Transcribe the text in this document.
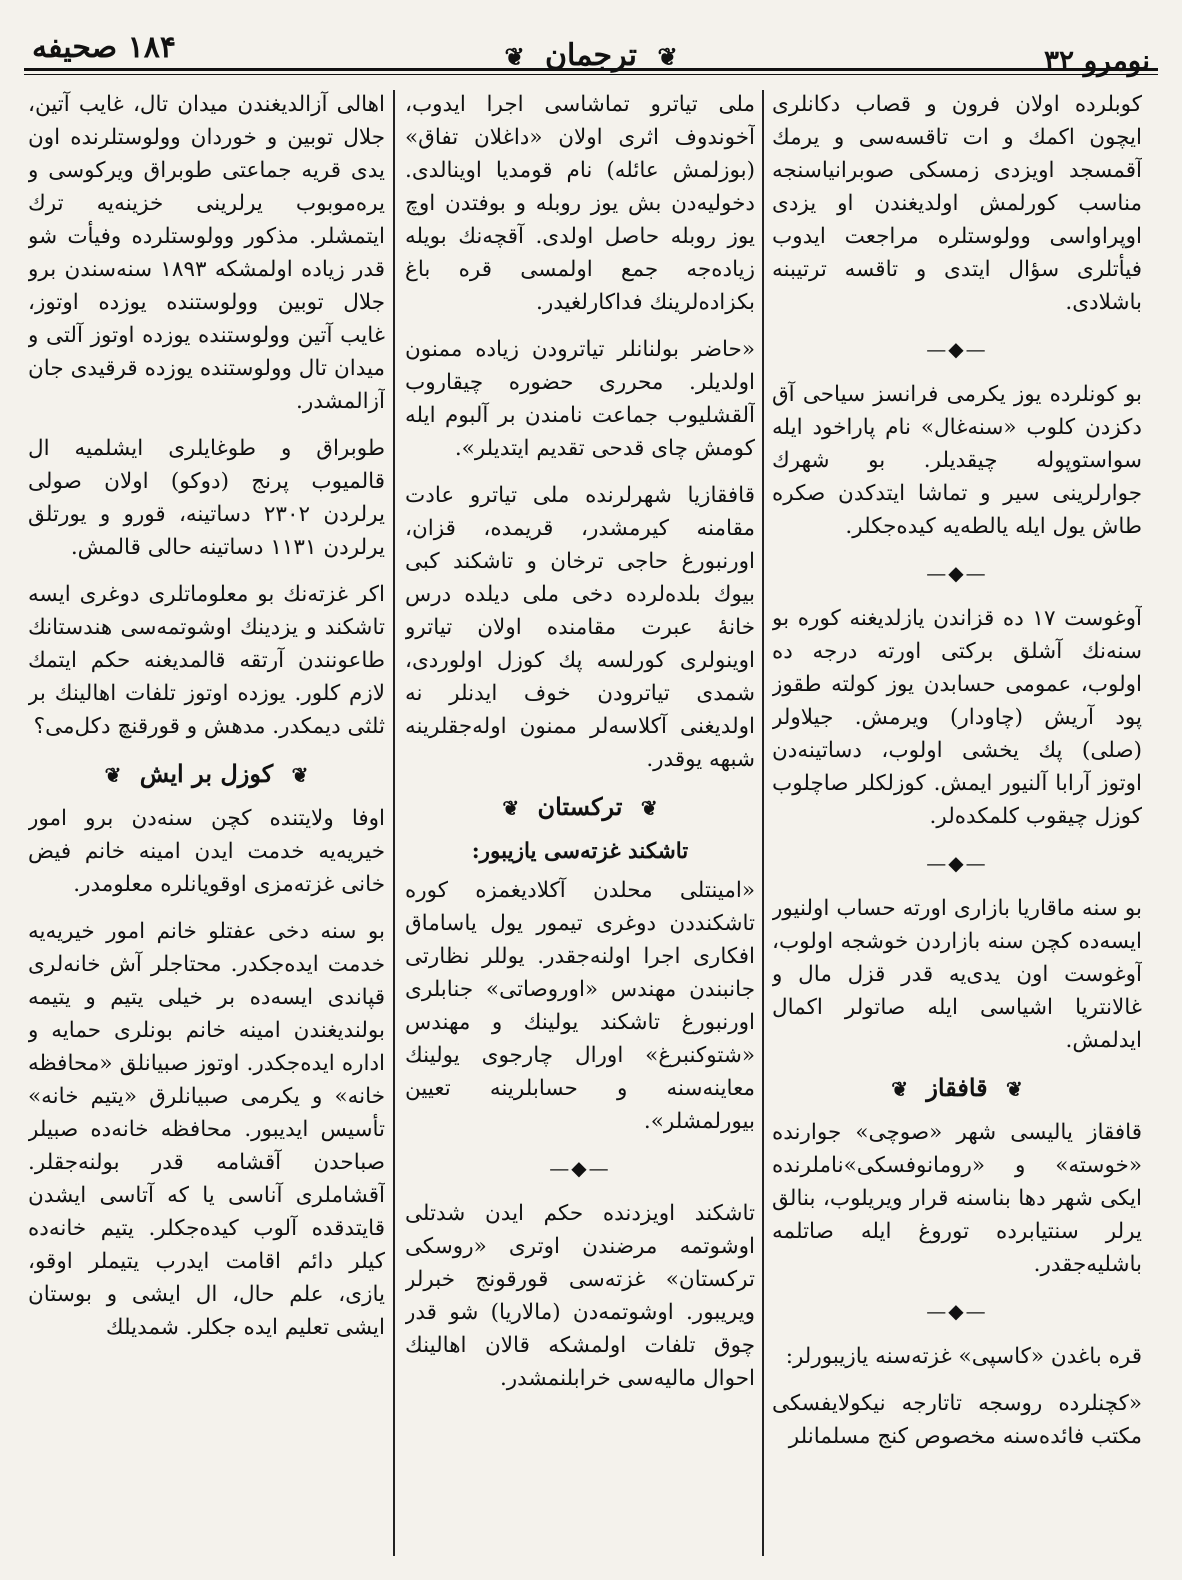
نومرو ۳۲
❦ ترجمان ❦
۱۸۴ صحیفه

کوبلرده اولان فرون و قصاب دکانلری ایچون اکمك و ات تاقسه‌سی و یرمك آقمسجد اویزدی زمسکی صوبرانیاسنجه مناسب کورلمش اولدیغندن او یزدی اوپراواسی وولوستلره مراجعت ایدوب فیأتلری سؤال ایتدی و تاقسه ترتیبنه باشلادی.

—◆—

بو کونلرده یوز یکرمی فرانسز سیاحی آق دکزدن کلوب «سنه‌غال» نام پاراخود ایله سواستوپوله چیقدیلر. بو شهرك جوارلرینی سیر و تماشا ایتدکدن صکره طاش یول ایله یالطه‌یه کیده‌جکلر.

—◆—

آوغوست ۱۷ ده قزاندن یازلدیغنه کوره بو سنه‌نك آشلق برکتی اورته درجه ده اولوب، عمومی حسابدن یوز کولته طقوز پود آریش (چاودار) ویرمش. جیلاولر (صلی) پك یخشی اولوب، دساتینه‌دن اوتوز آرابا آلنیور ایمش. کوزلکلر صاچلوب کوزل چیقوب کلمکده‌لر.

—◆—

بو سنه ماقاریا بازاری اورته حساب اولنیور ایسه‌ده کچن سنه بازاردن خوشجه اولوب، آوغوست اون یدی‌یه قدر قزل مال و غالانتریا اشیاسی ایله صاتولر اکمال ایدلمش.

❦ قافقاز ❦

قافقاز یالیسی شهر «صوچی» جوارنده «خوسته» و «رومانوفسکی»ناملرنده ایکی شهر دها بناسنه قرار ویریلوب، بنالق یرلر سنتیابرده توروغ ایله صاتلمه باشلیه‌جقدر.

—◆—

قره باغدن «کاسپی» غزته‌سنه یازیبورلر:

«کچنلرده روسجه تاتارجه نیکولایفسکی مکتب فائده‌سنه مخصوص کنج مسلمانلر

ملی تیاترو تماشاسی اجرا ایدوب، آخوندوف اثری اولان «داغلان تفاق» (بوزلمش عائله) نام قومدیا اوینالدی. دخولیه‌دن بش یوز روبله و بوفتدن اوچ یوز روبله حاصل اولدی. آقچه‌نك بویله زیاده‌جه جمع اولمسی قره باغ بکزاده‌لرینك فداکارلغیدر.

«حاضر بولنانلر تیاترودن زیاده ممنون اولدیلر. محرری حضوره چیقاروب آلقشلیوب جماعت نامندن بر آلبوم ایله کومش چای قدحی تقدیم ایتدیلر».

قافقازیا شهرلرنده ملی تیاترو عادت مقامنه کیرمشدر، قریمده، قزان، اورنبورغ حاجی ترخان و تاشکند کبی بیوك بلده‌لرده دخی ملی دیلده درس خانهٔ عبرت مقامنده اولان تیاترو اوینولری کورلسه پك کوزل اولوردی، شمدی تیاترودن خوف ایدنلر نه اولدیغنی آکلاسه‌لر ممنون اوله‌جقلرینه شبهه یوقدر.

❦ ترکستان ❦
تاشکند غزته‌سی یازیبور:

«امینتلی محلدن آکلادیغمزه کوره تاشکنددن دوغری تیمور یول یاساماق افکاری اجرا اولنه‌جقدر. یوللر نظارتی جانبندن مهندس «اوروصاتی» جنابلری اورنبورغ تاشکند یولینك و مهندس «شتوکنبرغ» اورال چارجوی یولینك معاینه‌سنه و حسابلرینه تعیین بیورلمشلر».

—◆—

تاشکند اویزدنده حکم ایدن شدتلی اوشوتمه مرضندن اوتری «روسکی ترکستان» غزته‌سی قورقونج خبرلر ویریبور. اوشوتمه‌دن (مالاریا) شو قدر چوق تلفات اولمشکه قالان اهالینك احوال مالیه‌سی خرابلنمشدر.

اهالی آزالدیغندن میدان تال، غایب آتین، جلال توبین و خوردان وولوستلرنده اون یدی قریه جماعتی طوبراق ویرکوسی و یره‌موبوب یرلرینی خزینه‌یه ترك ایتمشلر. مذکور وولوستلرده وفیأت شو قدر زیاده اولمشکه ۱۸۹۳ سنه‌سندن برو جلال توبین وولوستنده یوزده اوتوز، غایب آتین وولوستنده یوزده اوتوز آلتی و میدان تال وولوستنده یوزده قرقیدی جان آزالمشدر.

طوبراق و طوغایلری ایشلمیه ال قالمیوب پرنج (دوکو) اولان صولی یرلردن ۲۳۰۲ دساتینه، قورو و یورتلق یرلردن ۱۱۳۱ دساتینه حالی قالمش.

اکر غزته‌نك بو معلوماتلری دوغری ایسه تاشکند و یزدینك اوشوتمه‌سی هندستانك طاعونندن آرتقه قالمدیغنه حکم ایتمك لازم کلور. یوزده اوتوز تلفات اهالینك بر ثلثی دیمکدر. مدهش و قورقنچ دکل‌می؟

❦ کوزل بر ایش ❦

اوفا ولایتنده کچن سنه‌دن برو امور خیریه‌یه خدمت ایدن امینه خانم فیض خانی غزته‌مزی اوقویانلره معلومدر.

بو سنه دخی عفتلو خانم امور خیریه‌یه خدمت ایده‌جکدر. محتاجلر آش خانه‌لری قپاندی ایسه‌ده بر خیلی یتیم و یتیمه بولندیغندن امینه خانم بونلری حمایه و اداره ایده‌جکدر. اوتوز صبیانلق «محافظه خانه» و یکرمی صبیانلرق «یتیم خانه» تأسیس ایدیبور. محافظه خانه‌ده صبیلر صباحدن آقشامه قدر بولنه‌جقلر. آقشاملری آناسی یا که آتاسی ایشدن قایتدقده آلوب کیده‌جکلر. یتیم خانه‌ده کیلر دائم اقامت ایدرب یتیملر اوقو، یازی، علم حال، ال ایشی و بوستان ایشی تعلیم ایده جکلر. شمدیلك
